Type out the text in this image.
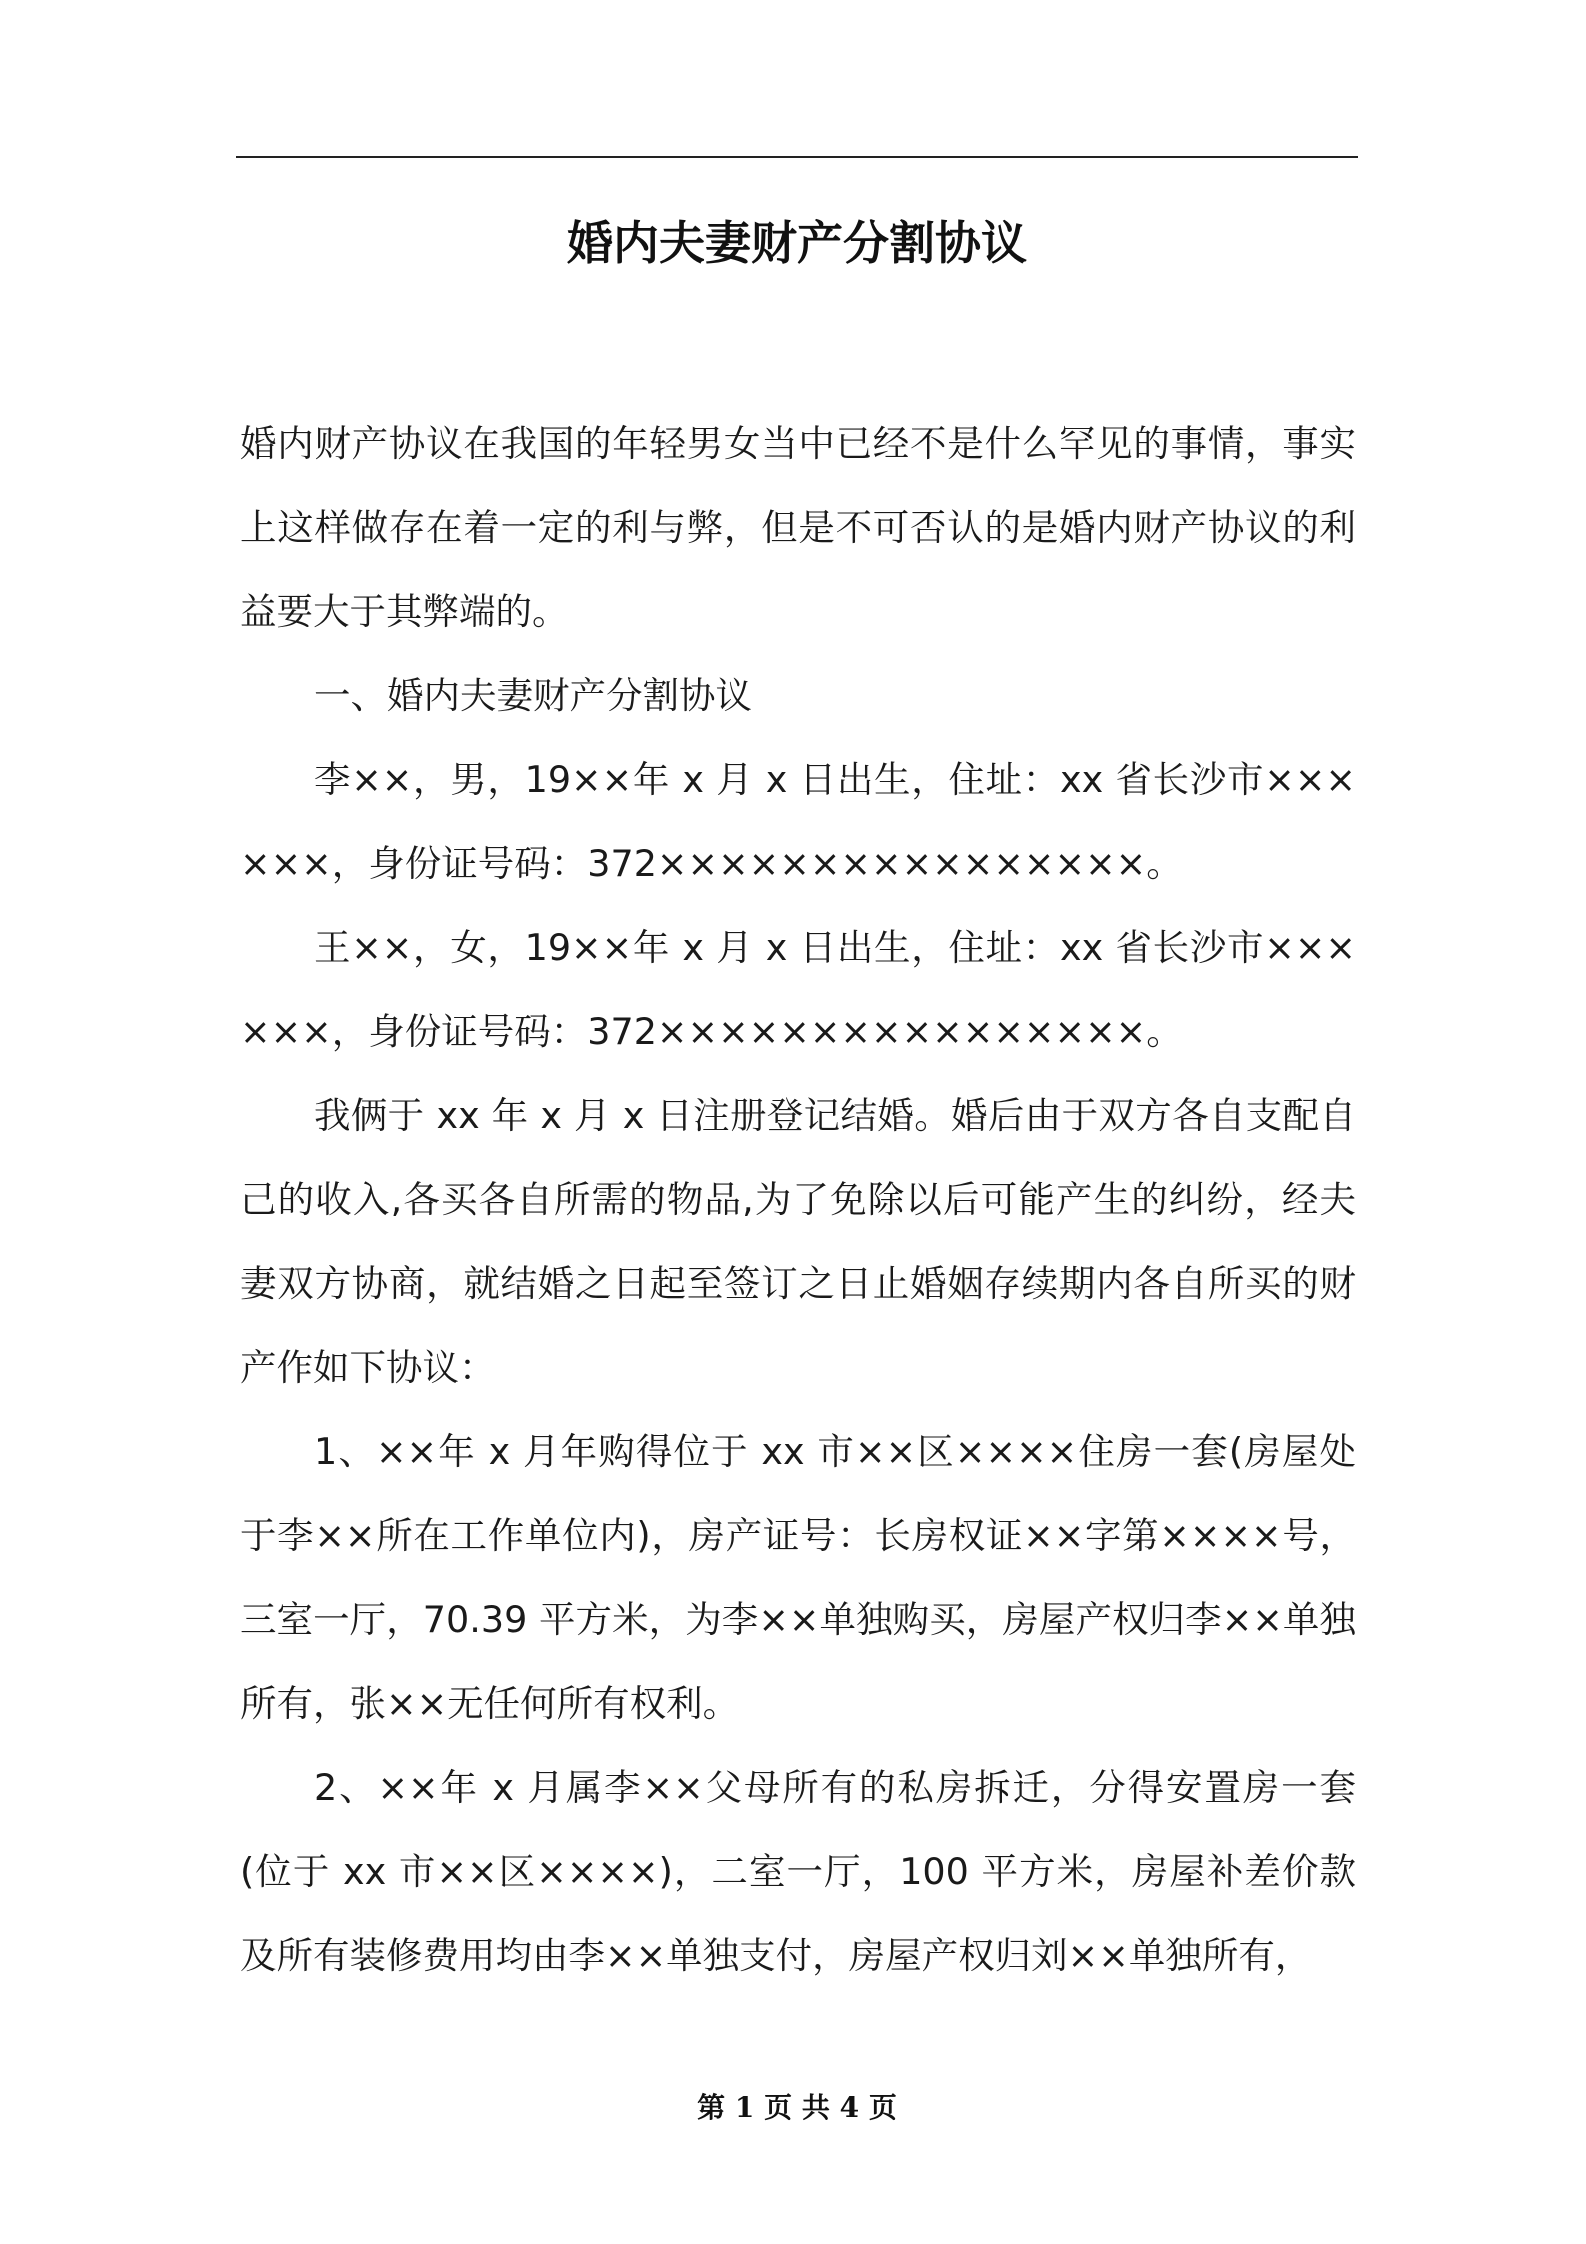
婚内夫妻财产分割协议

婚内财产协议在我国的年轻男女当中已经不是什么罕见的事情，事实上这样做存在着一定的利与弊，但是不可否认的是婚内财产协议的利益要大于其弊端的。

一、婚内夫妻财产分割协议

李××，男，19××年 x 月 x 日出生，住址：xx 省长沙市××××××，身份证号码：372××××××××××××××××。

王××，女，19××年 x 月 x 日出生，住址：xx 省长沙市××××××，身份证号码：372××××××××××××××××。

我俩于 xx 年 x 月 x 日注册登记结婚。婚后由于双方各自支配自己的收入,各买各自所需的物品,为了免除以后可能产生的纠纷，经夫妻双方协商，就结婚之日起至签订之日止婚姻存续期内各自所买的财产作如下协议：

1、××年 x 月年购得位于 xx 市××区××××住房一套(房屋处于李××所在工作单位内)，房产证号：长房权证××字第××××号，三室一厅，70.39 平方米，为李××单独购买，房屋产权归李××单独所有，张××无任何所有权利。

2、××年 x 月属李××父母所有的私房拆迁，分得安置房一套(位于 xx 市××区××××)，二室一厅，100 平方米，房屋补差价款及所有装修费用均由李××单独支付，房屋产权归刘××单独所有，

第 1 页 共 4 页
